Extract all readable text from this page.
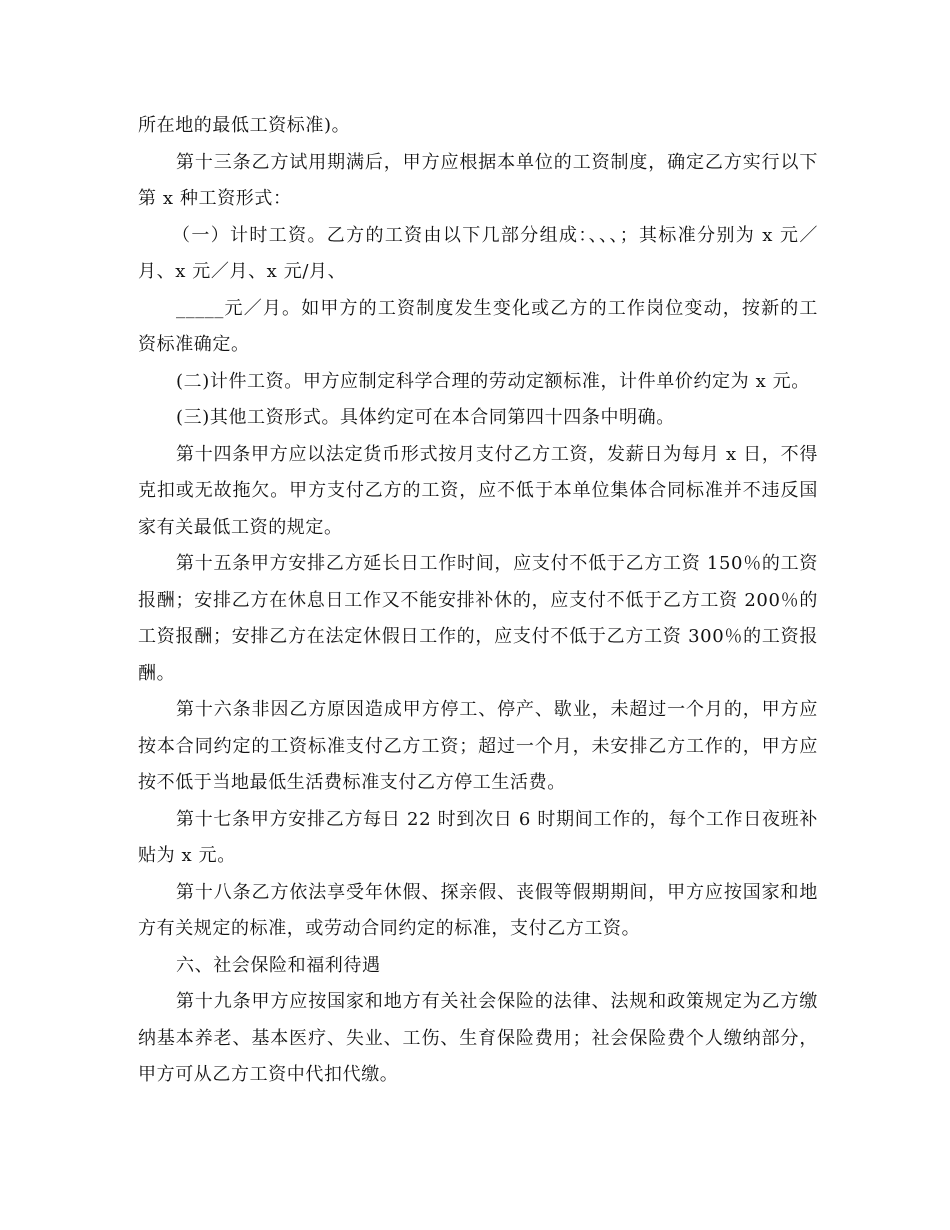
所在地的最低工资标准)。

第十三条乙方试用期满后，甲方应根据本单位的工资制度，确定乙方实行以下第 x 种工资形式：

（一）计时工资。乙方的工资由以下几部分组成：、、、；其标准分别为 x 元／月、x 元／月、x 元/月、

_____元／月。如甲方的工资制度发生变化或乙方的工作岗位变动，按新的工资标准确定。

(二)计件工资。甲方应制定科学合理的劳动定额标准，计件单价约定为 x 元。

(三)其他工资形式。具体约定可在本合同第四十四条中明确。

第十四条甲方应以法定货币形式按月支付乙方工资，发薪日为每月 x 日，不得克扣或无故拖欠。甲方支付乙方的工资，应不低于本单位集体合同标准并不违反国家有关最低工资的规定。

第十五条甲方安排乙方延长日工作时间，应支付不低于乙方工资 150％的工资报酬；安排乙方在休息日工作又不能安排补休的，应支付不低于乙方工资 200％的工资报酬；安排乙方在法定休假日工作的，应支付不低于乙方工资 300％的工资报酬。

第十六条非因乙方原因造成甲方停工、停产、歇业，未超过一个月的，甲方应按本合同约定的工资标准支付乙方工资；超过一个月，未安排乙方工作的，甲方应按不低于当地最低生活费标准支付乙方停工生活费。

第十七条甲方安排乙方每日 22 时到次日 6 时期间工作的，每个工作日夜班补贴为 x 元。

第十八条乙方依法享受年休假、探亲假、丧假等假期期间，甲方应按国家和地方有关规定的标准，或劳动合同约定的标准，支付乙方工资。

六、社会保险和福利待遇

第十九条甲方应按国家和地方有关社会保险的法律、法规和政策规定为乙方缴纳基本养老、基本医疗、失业、工伤、生育保险费用；社会保险费个人缴纳部分，甲方可从乙方工资中代扣代缴。
